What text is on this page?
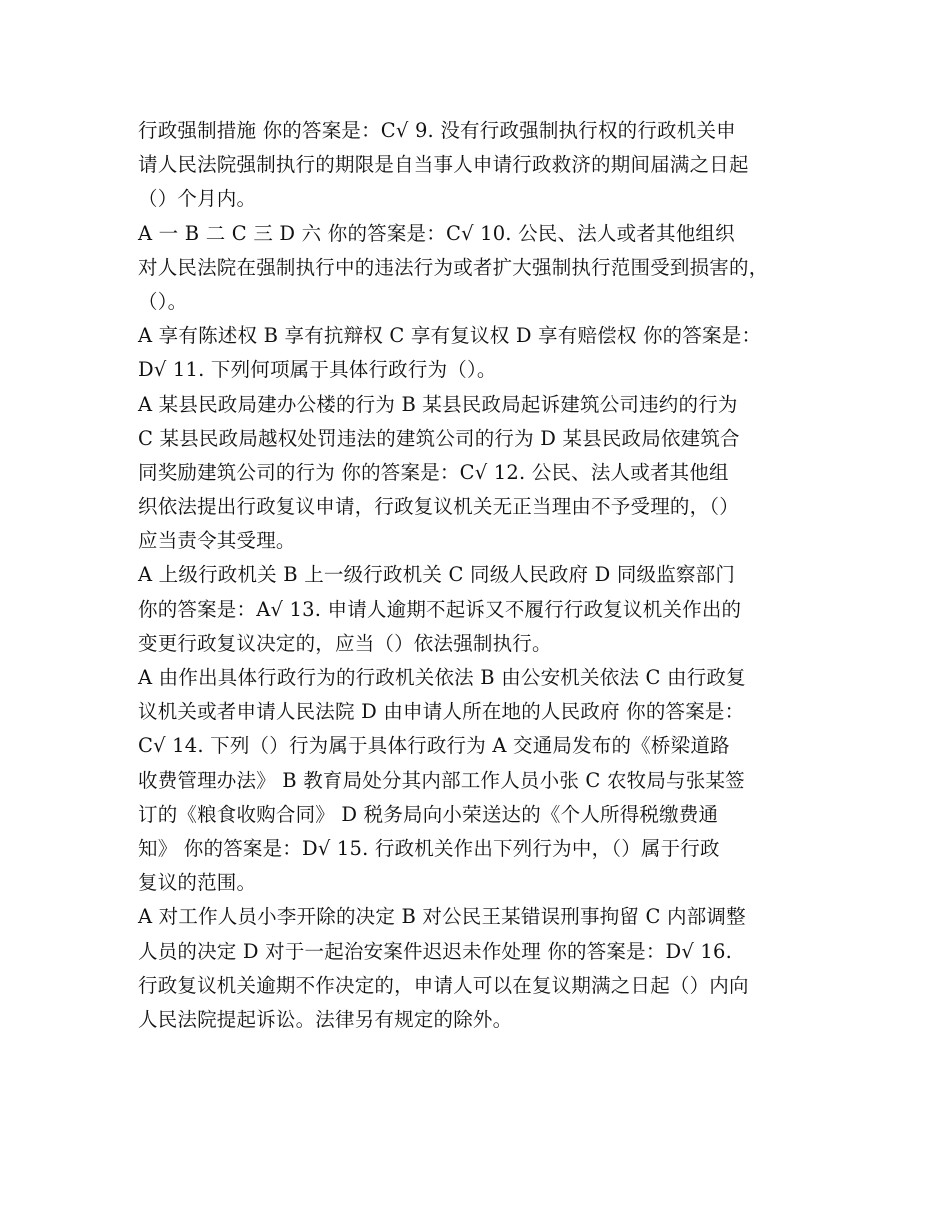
行政强制措施 你的答案是：C√ 9. 没有行政强制执行权的行政机关申
请人民法院强制执行的期限是自当事人申请行政救济的期间届满之日起
（）个月内。
A 一 B 二 C 三 D 六 你的答案是：C√ 10. 公民、法人或者其他组织
对人民法院在强制执行中的违法行为或者扩大强制执行范围受到损害的，
（）。
A 享有陈述权 B 享有抗辩权 C 享有复议权 D 享有赔偿权 你的答案是：
D√ 11. 下列何项属于具体行政行为（）。
A 某县民政局建办公楼的行为 B 某县民政局起诉建筑公司违约的行为
C 某县民政局越权处罚违法的建筑公司的行为 D 某县民政局依建筑合
同奖励建筑公司的行为 你的答案是：C√ 12. 公民、法人或者其他组
织依法提出行政复议申请，行政复议机关无正当理由不予受理的，（）
应当责令其受理。
A 上级行政机关 B 上一级行政机关 C 同级人民政府 D 同级监察部门
你的答案是：A√ 13. 申请人逾期不起诉又不履行行政复议机关作出的
变更行政复议决定的，应当（）依法强制执行。
A 由作出具体行政行为的行政机关依法 B 由公安机关依法 C 由行政复
议机关或者申请人民法院 D 由申请人所在地的人民政府 你的答案是：
C√ 14. 下列（）行为属于具体行政行为 A 交通局发布的《桥梁道路
收费管理办法》 B 教育局处分其内部工作人员小张 C 农牧局与张某签
订的《粮食收购合同》 D 税务局向小荣送达的《个人所得税缴费通
知》 你的答案是：D√ 15. 行政机关作出下列行为中，（）属于行政
复议的范围。
A 对工作人员小李开除的决定 B 对公民王某错误刑事拘留 C 内部调整
人员的决定 D 对于一起治安案件迟迟未作处理 你的答案是：D√ 16.
行政复议机关逾期不作决定的，申请人可以在复议期满之日起（）内向
人民法院提起诉讼。法律另有规定的除外。
